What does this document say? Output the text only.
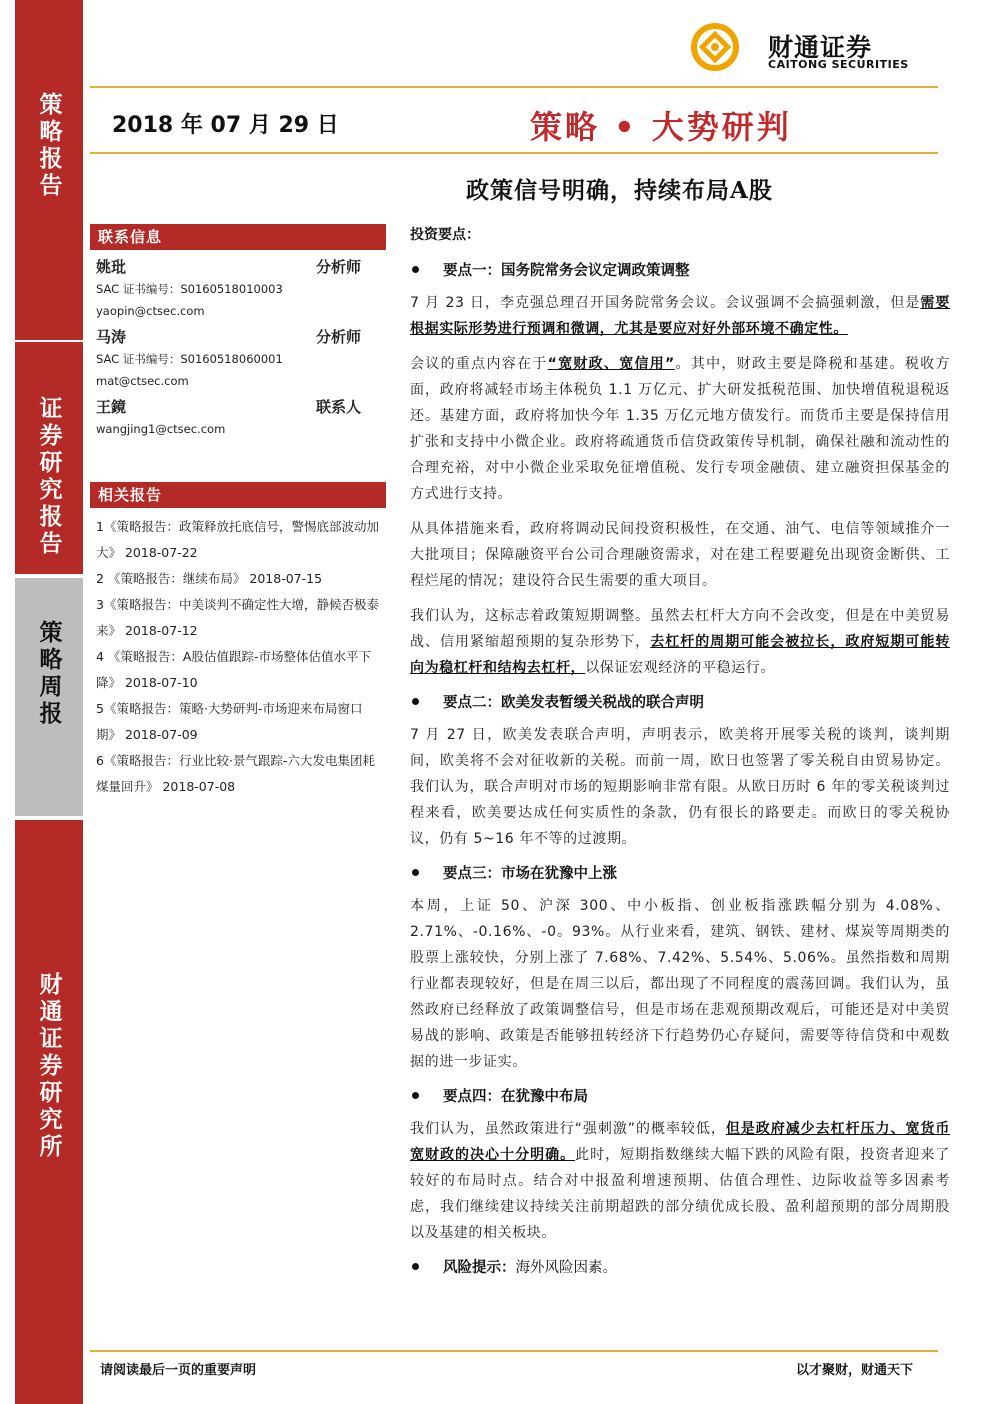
策略报告
证券研究报告
策略周报
财通证券研究所
财通证券
CAITONG SECURITIES
2018 年 07 月 29 日	策略 • 大势研判
政策信号明确，持续布局A股
联系信息
姚玭	分析师
SAC 证书编号：S0160518010003
yaopin@ctsec.com
马涛	分析师
SAC 证书编号：S0160518060001
mat@ctsec.com
王鏡	联系人
wangjing1@ctsec.com
相关报告
1《策略报告：政策释放托底信号，警惕底部波动加大》 2018-07-22
2 《策略报告：继续布局》 2018-07-15
3《策略报告：中美谈判不确定性大增，静候否极泰来》 2018-07-12
4 《策略报告：A股估值跟踪-市场整体估值水平下降》 2018-07-10
5《策略报告：策略·大势研判-市场迎来布局窗口期》 2018-07-09
6《策略报告：行业比较·景气跟踪-六大发电集团耗煤量回升》 2018-07-08
投资要点：
要点一：国务院常务会议定调政策调整
7 月 23 日，李克强总理召开国务院常务会议。会议强调不会搞强刺激，但是需要根据实际形势进行预调和微调，尤其是要应对好外部环境不确定性。
会议的重点内容在于“宽财政、宽信用”。其中，财政主要是降税和基建。税收方面，政府将减轻市场主体税负 1.1 万亿元、扩大研发抵税范围、加快增值税退税返还。基建方面，政府将加快今年 1.35 万亿元地方债发行。而货币主要是保持信用扩张和支持中小微企业。政府将疏通货币信贷政策传导机制，确保社融和流动性的合理充裕，对中小微企业采取免征增值税、发行专项金融债、建立融资担保基金的方式进行支持。
从具体措施来看，政府将调动民间投资积极性，在交通、油气、电信等领域推介一大批项目；保障融资平台公司合理融资需求，对在建工程要避免出现资金断供、工程烂尾的情况；建设符合民生需要的重大项目。
我们认为，这标志着政策短期调整。虽然去杠杆大方向不会改变，但是在中美贸易战、信用紧缩超预期的复杂形势下，去杠杆的周期可能会被拉长，政府短期可能转向为稳杠杆和结构去杠杆，以保证宏观经济的平稳运行。
要点二：欧美发表暂缓关税战的联合声明
7 月 27 日，欧美发表联合声明，声明表示，欧美将开展零关税的谈判，谈判期间，欧美将不会对征收新的关税。而前一周，欧日也签署了零关税自由贸易协定。我们认为，联合声明对市场的短期影响非常有限。从欧日历时 6 年的零关税谈判过程来看，欧美要达成任何实质性的条款，仍有很长的路要走。而欧日的零关税协议，仍有 5~16 年不等的过渡期。
要点三：市场在犹豫中上涨
本周，上证 50、沪深 300、中小板指、创业板指涨跌幅分别为 4.08%、2.71%、-0.16%、-0。93%。从行业来看，建筑、钢铁、建材、煤炭等周期类的股票上涨较快，分别上涨了 7.68%、7.42%、5.54%、5.06%。虽然指数和周期行业都表现较好，但是在周三以后，都出现了不同程度的震荡回调。我们认为，虽然政府已经释放了政策调整信号，但是市场在悲观预期改观后，可能还是对中美贸易战的影响、政策是否能够扭转经济下行趋势仍心存疑问，需要等待信贷和中观数据的进一步证实。
要点四：在犹豫中布局
我们认为，虽然政策进行“强刺激”的概率较低，但是政府减少去杠杆压力、宽货币宽财政的决心十分明确。此时，短期指数继续大幅下跌的风险有限，投资者迎来了较好的布局时点。结合对中报盈利增速预期、估值合理性、边际收益等多因素考虑，我们继续建议持续关注前期超跌的部分绩优成长股、盈利超预期的部分周期股以及基建的相关板块。
风险提示： 海外风险因素。
请阅读最后一页的重要声明	以才聚财，财通天下
